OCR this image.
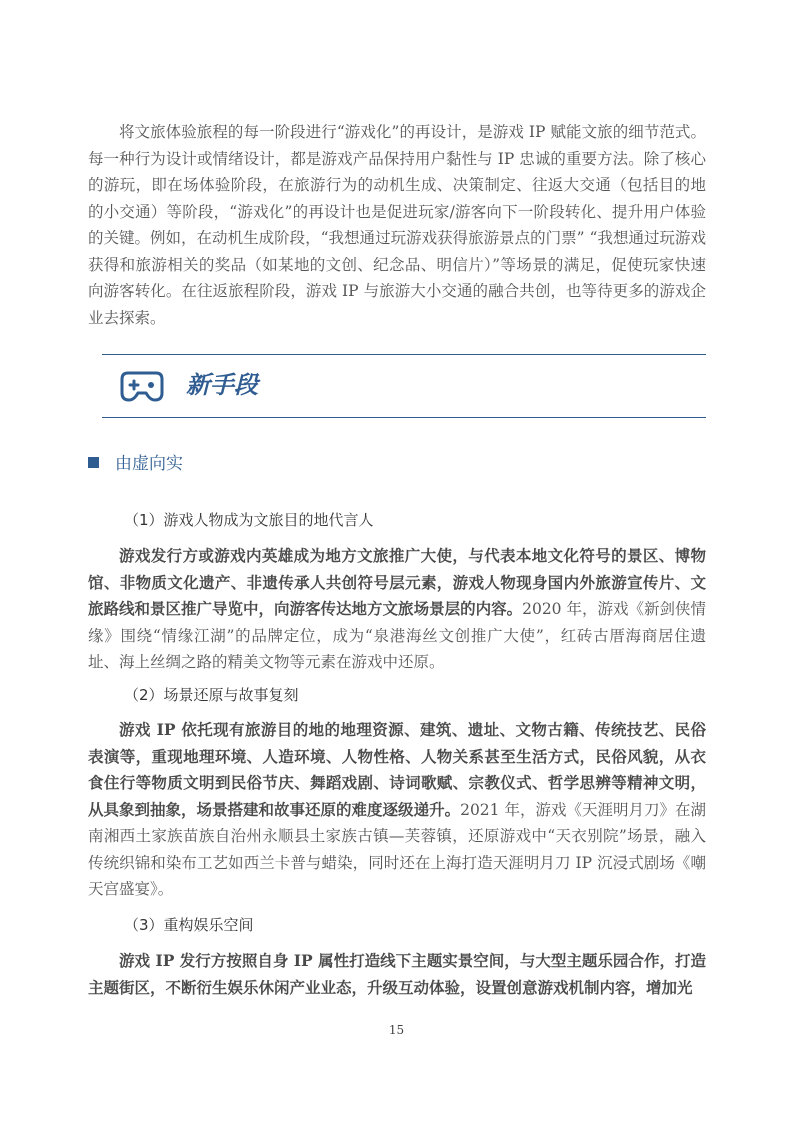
将文旅体验旅程的每一阶段进行“游戏化”的再设计，是游戏 IP 赋能文旅的细节范式。每一种行为设计或情绪设计，都是游戏产品保持用户黏性与 IP 忠诚的重要方法。除了核心的游玩，即在场体验阶段，在旅游行为的动机生成、决策制定、往返大交通（包括目的地的小交通）等阶段，“游戏化”的再设计也是促进玩家/游客向下一阶段转化、提升用户体验的关键。例如，在动机生成阶段，“我想通过玩游戏获得旅游景点的门票” “我想通过玩游戏获得和旅游相关的奖品（如某地的文创、纪念品、明信片）”等场景的满足，促使玩家快速向游客转化。在往返旅程阶段，游戏 IP 与旅游大小交通的融合共创，也等待更多的游戏企业去探索。

新手段
由虚向实
（1）游戏人物成为文旅目的地代言人

游戏发行方或游戏内英雄成为地方文旅推广大使，与代表本地文化符号的景区、博物馆、非物质文化遗产、非遗传承人共创符号层元素，游戏人物现身国内外旅游宣传片、文旅路线和景区推广导览中，向游客传达地方文旅场景层的内容。2020 年，游戏《新剑侠情缘》围绕“情缘江湖”的品牌定位，成为“泉港海丝文创推广大使”，红砖古厝海商居住遗址、海上丝绸之路的精美文物等元素在游戏中还原。

（2）场景还原与故事复刻

游戏 IP 依托现有旅游目的地的地理资源、建筑、遗址、文物古籍、传统技艺、民俗表演等，重现地理环境、人造环境、人物性格、人物关系甚至生活方式，民俗风貌，从衣食住行等物质文明到民俗节庆、舞蹈戏剧、诗词歌赋、宗教仪式、哲学思辨等精神文明，从具象到抽象，场景搭建和故事还原的难度逐级递升。2021 年，游戏《天涯明月刀》在湖南湘西土家族苗族自治州永顺县土家族古镇—芙蓉镇，还原游戏中“天衣别院”场景，融入传统织锦和染布工艺如西兰卡普与蜡染，同时还在上海打造天涯明月刀 IP 沉浸式剧场《嘲天宫盛宴》。

（3）重构娱乐空间

游戏 IP 发行方按照自身 IP 属性打造线下主题实景空间，与大型主题乐园合作，打造主题街区，不断衍生娱乐休闲产业业态，升级互动体验，设置创意游戏机制内容，增加光

15
